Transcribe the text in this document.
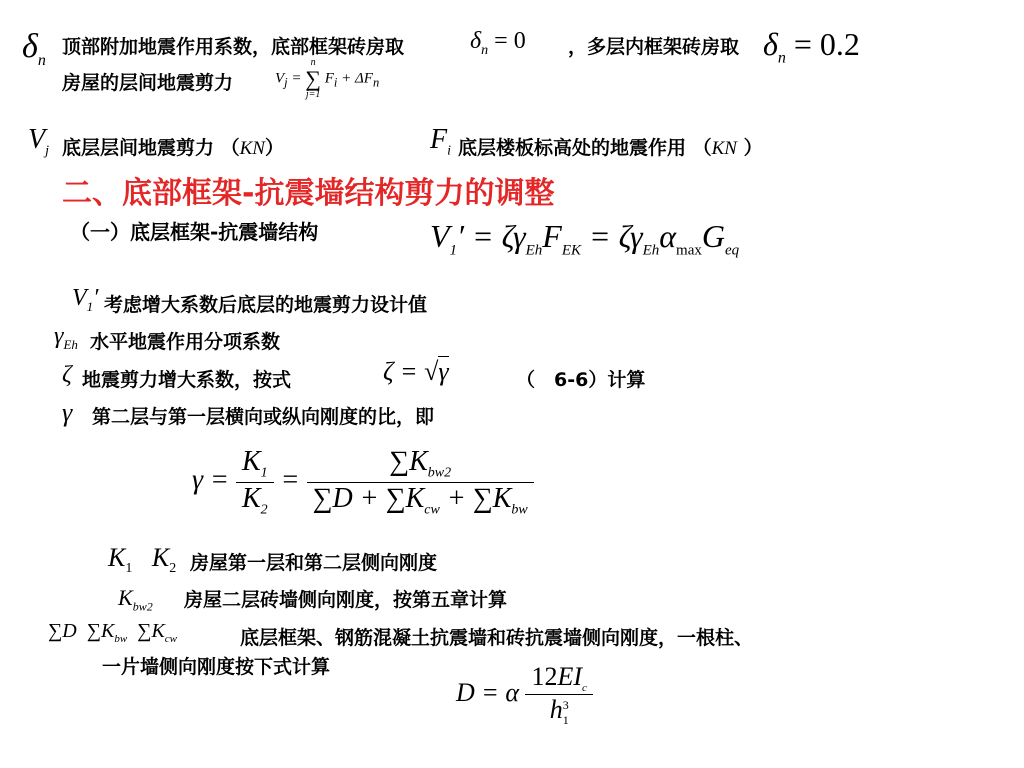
$\delta_n$
顶部附加地震作用系数，底部框架砖房取	$\delta_n = 0$ ，多层内框架砖房取 $\delta_n = 0.2$
房屋的层间地震剪力	$V_j$ =
n
∑
j=1
$F_i + \Delta F_n$
$V_j$ 底层层间地震剪力 （KN）	$F_i$ 底层楼板标高处的地震作用 （KN ）
二、底部框架-抗震墙结构剪力的调整
（一）底层框架-抗震墙结构	$V_1' = \zeta\gamma_{Eh}F_{EK} = \zeta\gamma_{Eh}\alpha_{max}G_{eq}$
$V_1'$ 考虑增大系数后底层的地震剪力设计值
$\gamma_{Eh}$ 水平地震作用分项系数
ζ 地震剪力增大系数，按式	ζ = √γ	（　6-6）计算
γ 第二层与第一层横向或纵向刚度的比，即
$\gamma = \frac{K_1}{K_2} = \frac{\sum K_{bw2}}{\sum D + \sum K_{cw} + \sum K_{bw}}$
$K_1$   $K_2$ 房屋第一层和第二层侧向刚度
$K_{bw2}$ 房屋二层砖墙侧向刚度，按第五章计算
∑D  $\sum K_{bw}$ $\sum K_{cw}$	底层框架、钢筋混凝土抗震墙和砖抗震墙侧向刚度，一根柱、
一片墙侧向刚度按下式计算
D = α $\frac{12EI_c}{h_1^3}$
